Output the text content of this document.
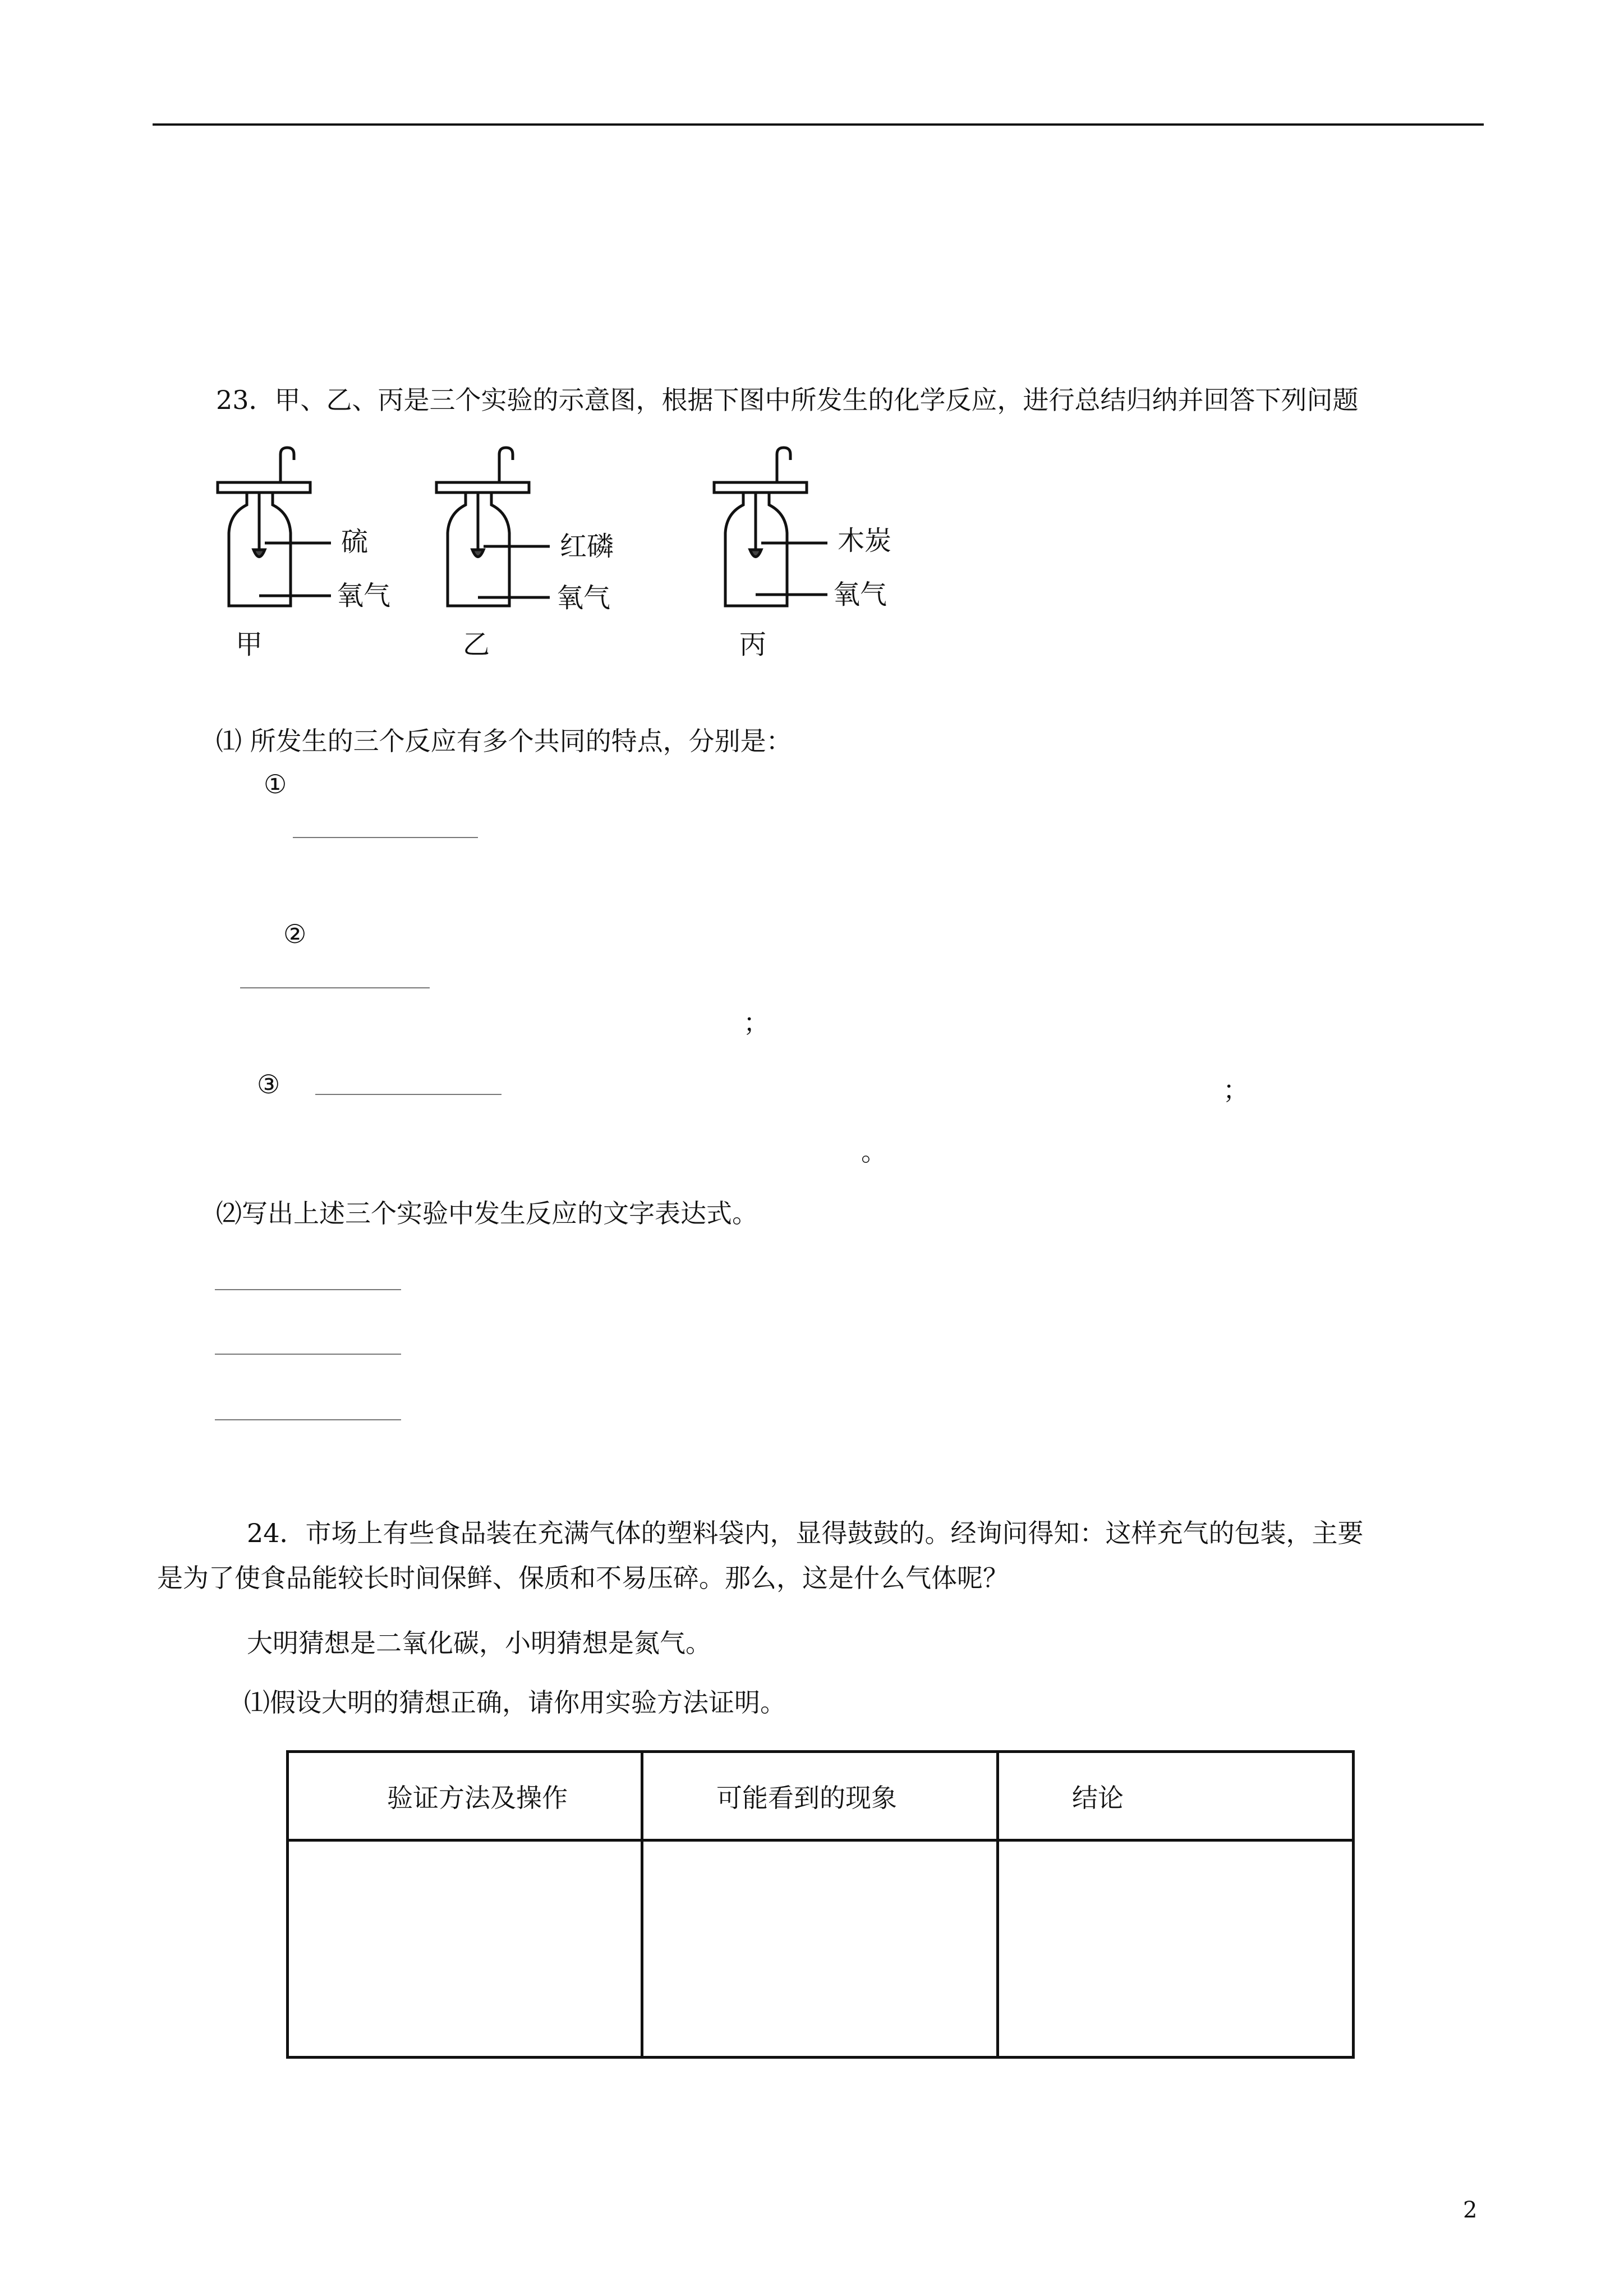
23．甲、乙、丙是三个实验的示意图，根据下图中所发生的化学反应，进行总结归纳并回答下列问题
硫
氧气
甲
红磷
氧气
乙
木炭
氧气
丙
⑴ 所发生的三个反应有多个共同的特点，分别是：
①
②
；
③	；
。
⑵写出上述三个实验中发生反应的文字表达式。
24．市场上有些食品装在充满气体的塑料袋内，显得鼓鼓的。经询问得知：这样充气的包装，主要
是为了使食品能较长时间保鲜、保质和不易压碎。那么，这是什么气体呢？
大明猜想是二氧化碳，小明猜想是氮气。
⑴假设大明的猜想正确，请你用实验方法证明。
验证方法及操作	可能看到的现象	结论

2
